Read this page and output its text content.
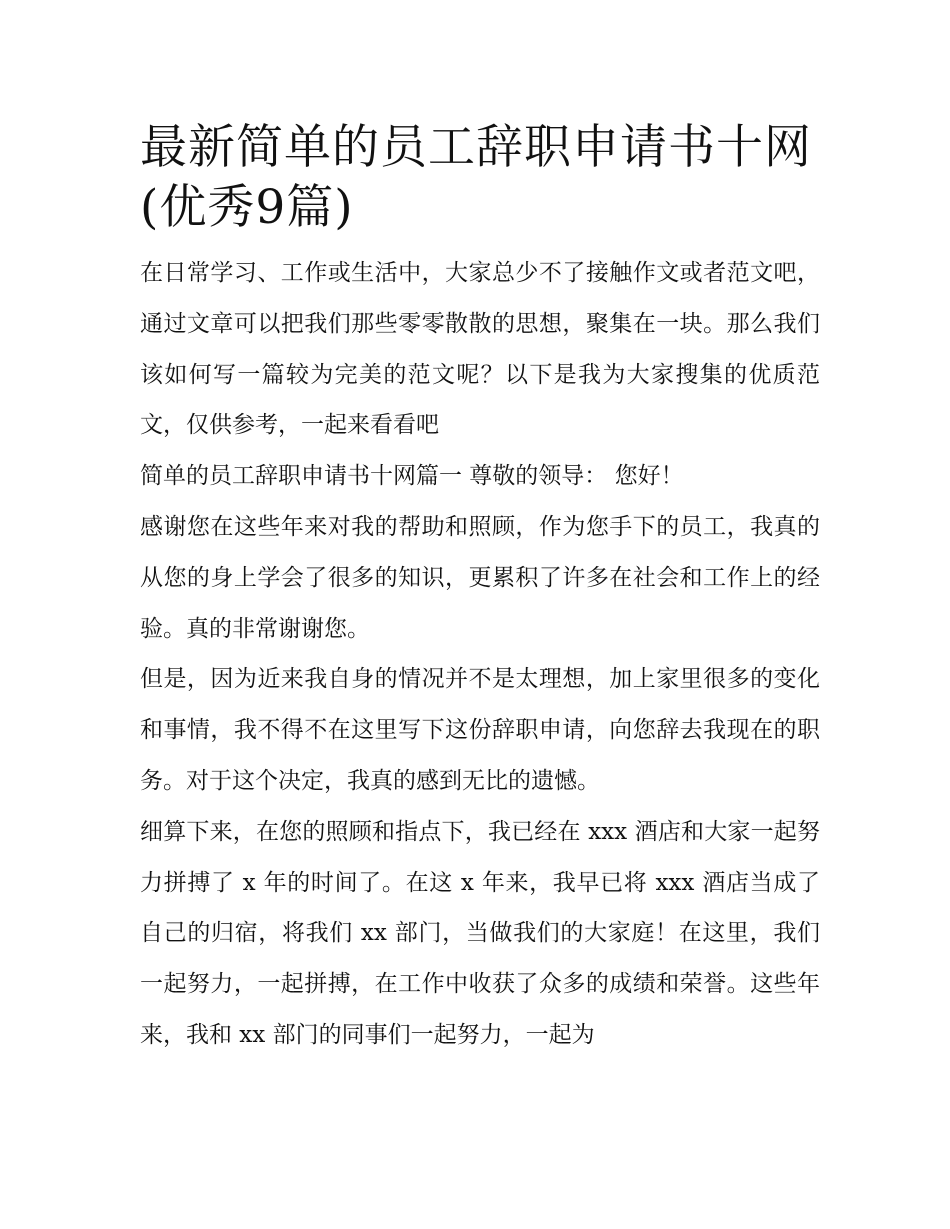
最新简单的员工辞职申请书十网(优秀9篇)

在日常学习、工作或生活中，大家总少不了接触作文或者范文吧，通过文章可以把我们那些零零散散的思想，聚集在一块。那么我们该如何写一篇较为完美的范文呢？以下是我为大家搜集的优质范文，仅供参考，一起来看看吧

简单的员工辞职申请书十网篇一 尊敬的领导： 您好！

感谢您在这些年来对我的帮助和照顾，作为您手下的员工，我真的从您的身上学会了很多的知识，更累积了许多在社会和工作上的经验。真的非常谢谢您。

但是，因为近来我自身的情况并不是太理想，加上家里很多的变化和事情，我不得不在这里写下这份辞职申请，向您辞去我现在的职务。对于这个决定，我真的感到无比的遗憾。

细算下来，在您的照顾和指点下，我已经在 xxx 酒店和大家一起努力拼搏了 x 年的时间了。在这 x 年来，我早已将 xxx 酒店当成了自己的归宿，将我们 xx 部门，当做我们的大家庭！在这里，我们一起努力，一起拼搏，在工作中收获了众多的成绩和荣誉。这些年来，我和 xx 部门的同事们一起努力，一起为
